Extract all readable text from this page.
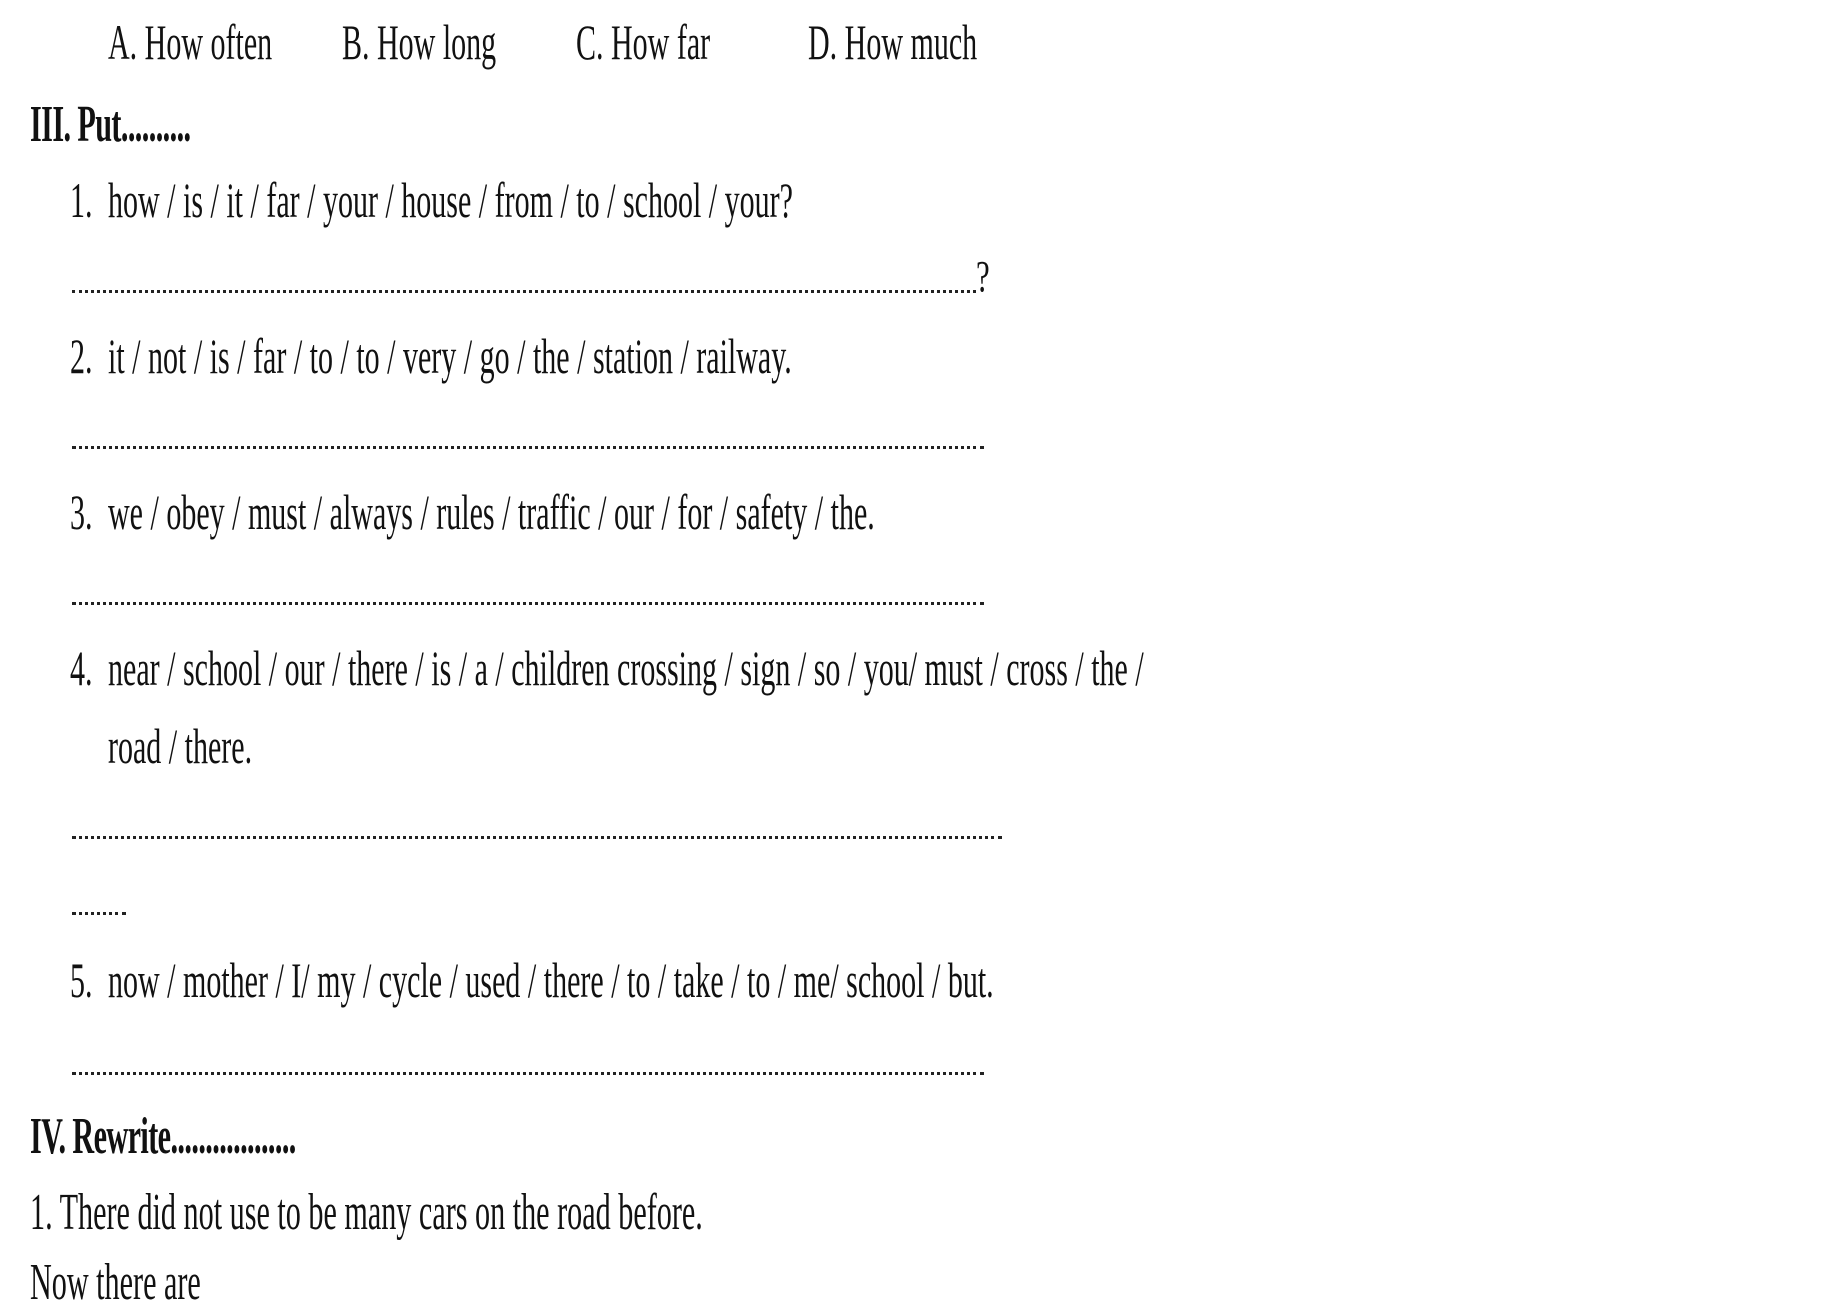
A. How often	B. How long	C. How far	D. How much
III. Put..........
1. how / is / it / far / your / house / from / to / school / your?
?
2. it / not / is / far / to / to / very / go / the / station / railway.
3. we / obey / must / always / rules / traffic / our / for / safety / the.
4. near / school / our / there / is / a / children crossing / sign / so / you/ must / cross / the /
road / there.
5. now / mother / I/ my / cycle / used / there / to / take / to / me/ school / but.
IV. Rewrite..................
1. There did not use to be many cars on the road before.
Now there are
